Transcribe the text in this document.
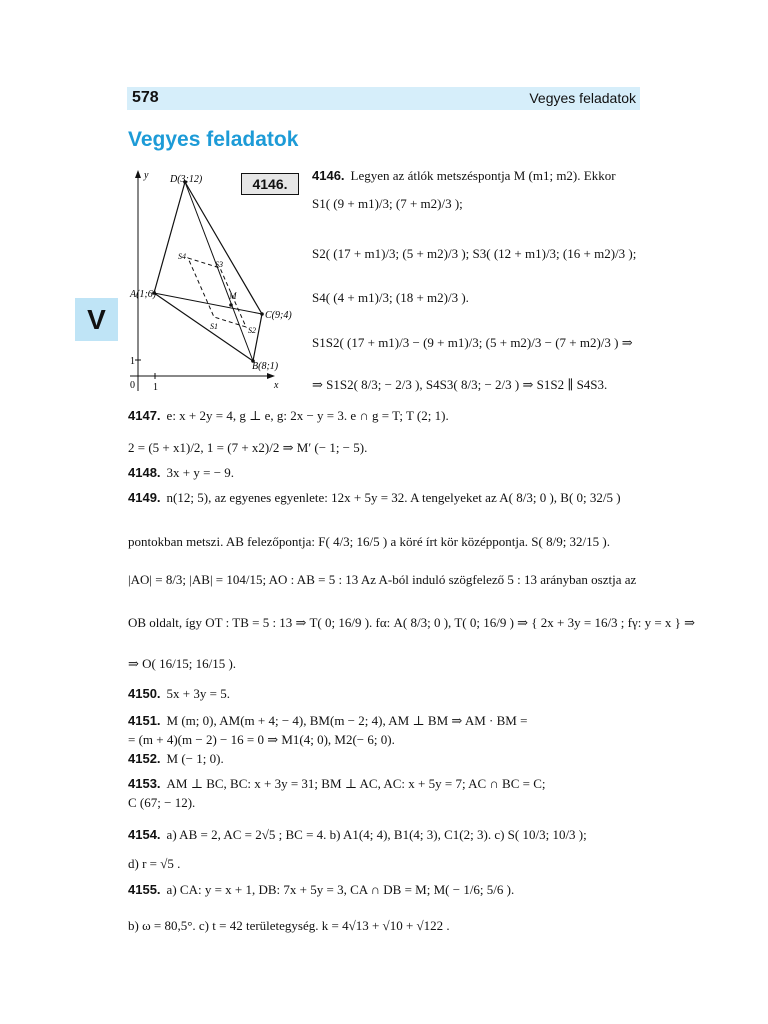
578	Vegyes feladatok
Vegyes feladatok
V
y
x
1
0 1
D(3;12)
A(1;6)
C(9;4)
B(8;1)
M
S4
S3
S1	S2
4146.
4146. Legyen az átlók metszéspontja M (m1; m2). Ekkor
S1( (9 + m1)/3; (7 + m2)/3 );
S2( (17 + m1)/3; (5 + m2)/3 ); S3( (12 + m1)/3; (16 + m2)/3 );
S4( (4 + m1)/3; (18 + m2)/3 ).
S1S2( (17 + m1)/3 − (9 + m1)/3; (5 + m2)/3 − (7 + m2)/3 ) ⇒
⇒ S1S2( 8/3; − 2/3 ), S4S3( 8/3; − 2/3 ) ⇒ S1S2 ∥ S4S3.
4147. e: x + 2y = 4, g ⊥ e, g: 2x − y = 3. e ∩ g = T; T (2; 1).
2 = (5 + x1)/2, 1 = (7 + x2)/2 ⇒ M′ (− 1; − 5).
4148. 3x + y = − 9.
4149. n(12; 5), az egyenes egyenlete: 12x + 5y = 32. A tengelyeket az A( 8/3; 0 ), B( 0; 32/5 )
pontokban metszi. AB felezőpontja: F( 4/3; 16/5 ) a köré írt kör középpontja. S( 8/9; 32/15 ).
|AO| = 8/3; |AB| = 104/15; AO : AB = 5 : 13 Az A-ból induló szögfelező 5 : 13 arányban osztja az
OB oldalt, így OT : TB = 5 : 13 ⇒ T( 0; 16/9 ). fα: A( 8/3; 0 ), T( 0; 16/9 ) ⇒ { 2x + 3y = 16/3 ; fγ: y = x } ⇒
⇒ O( 16/15; 16/15 ).
4150. 5x + 3y = 5.
4151. M (m; 0), AM(m + 4; − 4), BM(m − 2; 4), AM ⊥ BM ⇒ AM · BM =
= (m + 4)(m − 2) − 16 = 0 ⇒ M1(4; 0), M2(− 6; 0).
4152. M (− 1; 0).
4153. AM ⊥ BC, BC: x + 3y = 31; BM ⊥ AC, AC: x + 5y = 7; AC ∩ BC = C;
C (67; − 12).
4154. a) AB = 2, AC = 2√5 ; BC = 4. b) A1(4; 4), B1(4; 3), C1(2; 3). c) S( 10/3; 10/3 );
d) r = √5 .
4155. a) CA: y = x + 1, DB: 7x + 5y = 3, CA ∩ DB = M; M( − 1/6; 5/6 ).
b) ω = 80,5°. c) t = 42 területegység. k = 4√13 + √10 + √122 .
